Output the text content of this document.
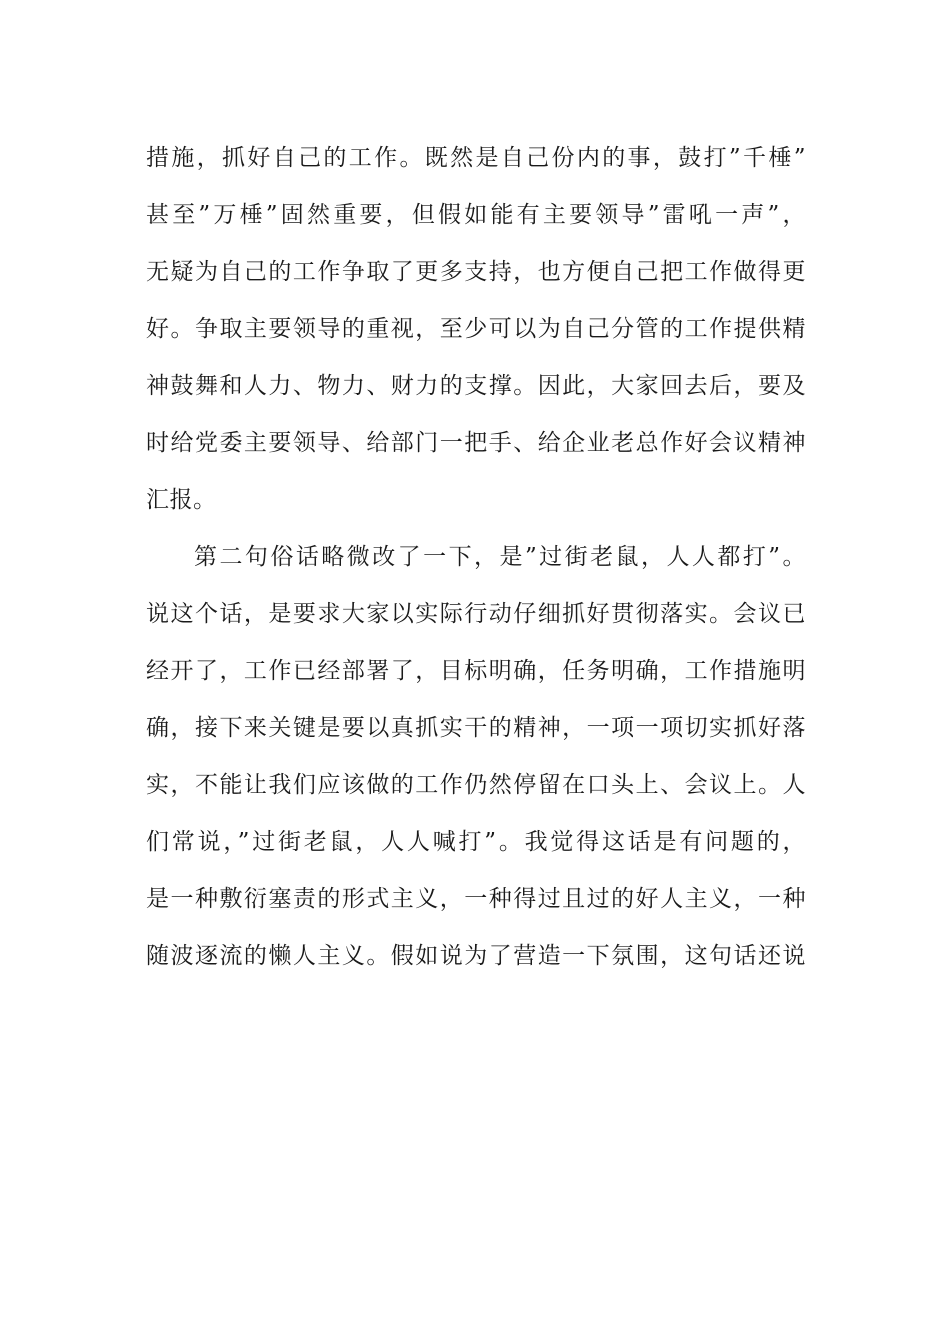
措施，抓好自己的工作。既然是自己份内的事，鼓打”千棰”
甚至”万棰”固然重要，但假如能有主要领导”雷吼一声”，
无疑为自己的工作争取了更多支持，也方便自己把工作做得更
好。争取主要领导的重视，至少可以为自己分管的工作提供精
神鼓舞和人力、物力、财力的支撑。因此，大家回去后，要及
时给党委主要领导、给部门一把手、给企业老总作好会议精神
汇报。
第二句俗话略微改了一下，是”过街老鼠，人人都打”。
说这个话，是要求大家以实际行动仔细抓好贯彻落实。会议已
经开了，工作已经部署了，目标明确，任务明确，工作措施明
确，接下来关键是要以真抓实干的精神，一项一项切实抓好落
实，不能让我们应该做的工作仍然停留在口头上、会议上。人
们常说，”过街老鼠，人人喊打”。我觉得这话是有问题的，
是一种敷衍塞责的形式主义，一种得过且过的好人主义，一种
随波逐流的懒人主义。假如说为了营造一下氛围，这句话还说
